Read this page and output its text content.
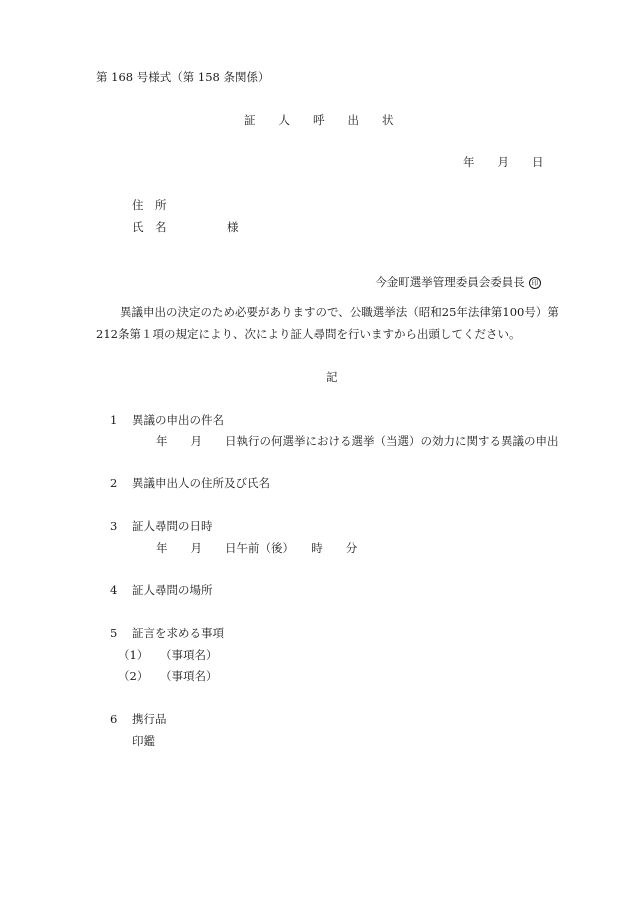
第 168 号様式（第 158 条関係）
証　　人　　呼　　出　　状
年　　月　　日
住　所
氏　名	様

今金町選挙管理委員会委員長 印

異議申出の決定のため必要がありますので、公職選挙法（昭和25年法律第100号）第
212条第１項の規定により、次により証人尋問を行いますから出頭してください。
記
1 異議の申出の件名
年　　月　　日執行の何選挙における選挙（当選）の効力に関する異議の申出
2 異議申出人の住所及び氏名
3 証人尋問の日時
年　　月　　日午前（後）　　時　　分
4 証人尋問の場所
5 証言を求める事項
（1） （事項名）
（2） （事項名）
6 携行品
印鑑
